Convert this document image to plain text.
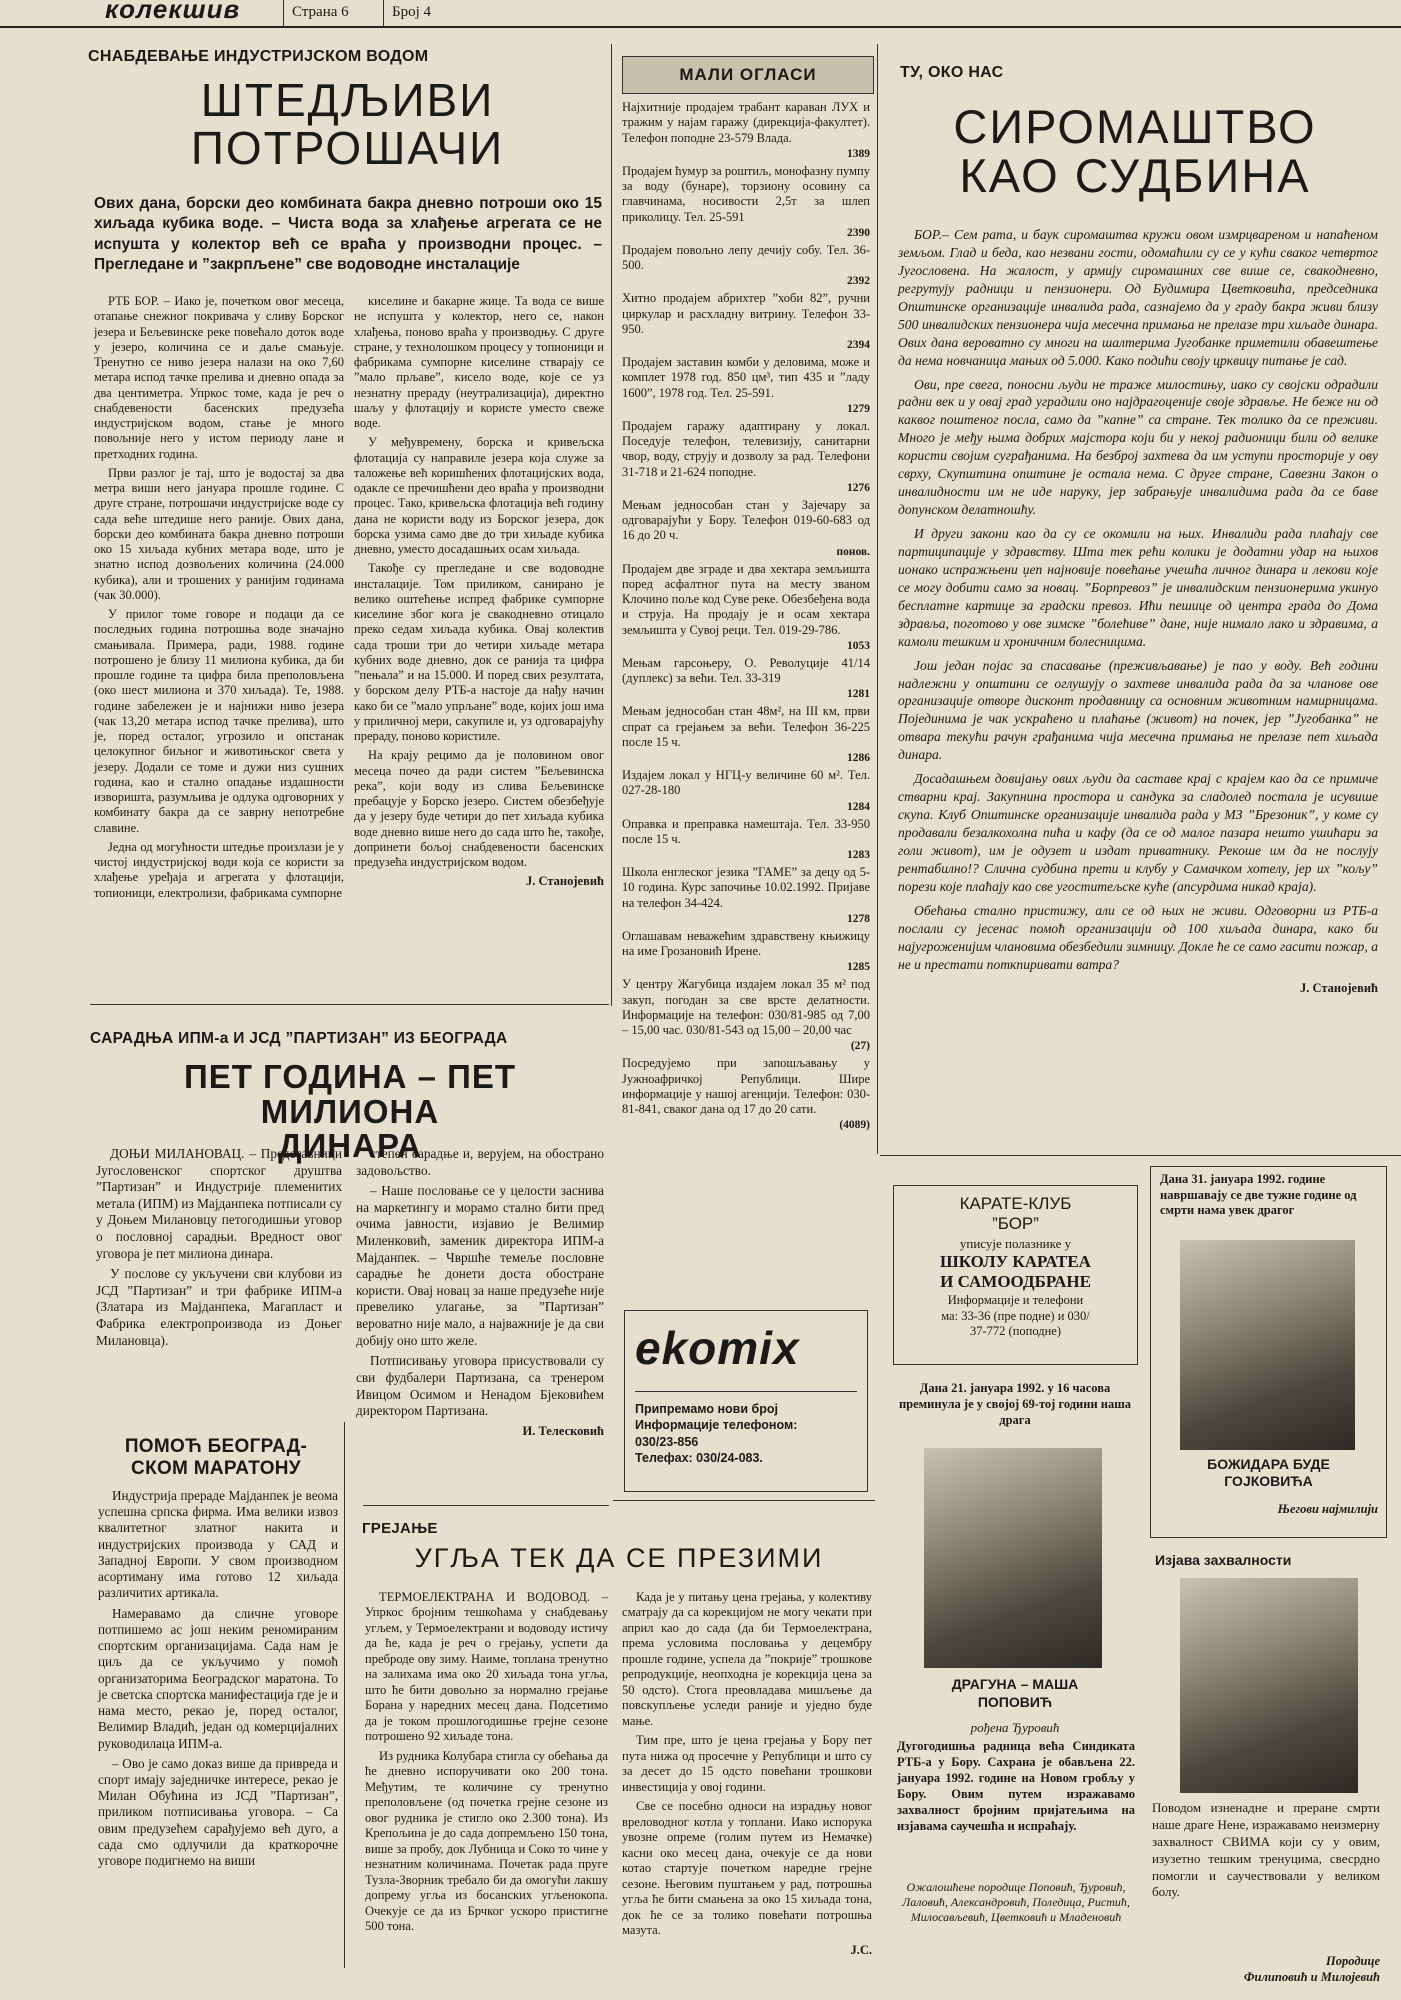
колекшив	Страна 6	Број 4
СНАБДЕВАЊЕ ИНДУСТРИЈСКОМ ВОДОМ
ШТЕДЉИВИ
ПОТРОШАЧИ
Ових дана, борски део комбината бакра дневно потроши око 15 хиљада кубика воде. – Чиста вода за хлађење агрегата се не испушта у колектор већ се враћа у производни процес. – Прегледане и ”закрпљене” све водоводне инсталације

РТБ БОР. – Иако је, почетком овог месеца, отапање снежног покривача у сливу Борског језера и Бељевинске реке повећало доток воде у језеро, количина се и даље смањује. Тренутно се ниво језера налази на око 7,60 метара испод тачке прелива и дневно опада за два центиметра. Упркос томе, када је реч о снабдевености басенских предузећа индустријском водом, стање је много повољније него у истом периоду лане и претходних година.

Први разлог је тај, што је водостај за два метра виши него јануара прошле године. С друге стране, потрошачи индустријске воде су сада веће штедише него раније. Ових дана, борски део комбината бакра дневно потроши око 15 хиљада кубних метара воде, што је знатно испод дозвољених количина (24.000 кубика), али и трошених у ранијим годинама (чак 30.000).

У прилог томе говоре и подаци да се последњих година потрошња воде значајно смањивала. Примера, ради, 1988. године потрошено је близу 11 милиона кубика, да би прошле године та цифра била преполовљена (око шест милиона и 370 хиљада). Те, 1988. године забележен је и најнижи ниво језера (чак 13,20 метара испод тачке прелива), што је, поред осталог, угрозило и опстанак целокупног биљног и животињског света у језеру. Додали се томе и дужи низ сушних година, као и стално опадање издашности изворишта, разумљива је одлука одговорних у комбинату бакра да се заврну непотребне славине.

Једна од могућности штедње произлази је у чистој индустријској води која се користи за хлађење уређаја и агрегата у флотацији, топионици, електролизи, фабрикама сумпорне

киселине и бакарне жице. Та вода се више не испушта у колектор, него се, након хлађења, поново враћа у производњу. С друге стране, у технолошком процесу у топионици и фабрикама сумпорне киселине стварају се ”мало прљаве”, кисело воде, које се уз незнатну прераду (неутрализација), директно шаљу у флотацију и користе уместо свеже воде.

У међувремену, борска и кривељска флотација су направиле језера која служе за таложење већ коришћених флотацијских вода, одакле се пречишћени део враћа у производни процес. Тако, кривељска флотација већ годину дана не користи воду из Борског језера, док борска узима само две до три хиљаде кубика дневно, уместо досадашњих осам хиљада.

Такође су прегледане и све водоводне инсталације. Том приликом, санирано је велико оштећење испред фабрике сумпорне киселине због кога је свакодневно отицало преко седам хиљада кубика. Овај колектив сада троши три до четири хиљаде метара кубних воде дневно, док се ранија та цифра ”пењала” и на 15.000. И поред свих резултата, у борском делу РТБ-а настоје да нађу начин како би се ”мало упрљане” воде, којих још има у приличној мери, сакупиле и, уз одговарајућу прераду, поново користиле.

На крају рецимо да је половином овог месеца почео да ради систем ”Бељевинска река”, који воду из слива Бељевинске пребацује у Борско језеро. Систем обезбеђује да у језеру буде четири до пет хиљада кубика воде дневно више него до сада што ће, такође, допринети бољој снабдевености басенских предузећа индустријском водом.

Ј. Станојевић
САРАДЊА ИПМ-а И ЈСД ”ПАРТИЗАН” ИЗ БЕОГРАДА
ПЕТ ГОДИНА – ПЕТ МИЛИОНА
ДИНАРА

ДОЊИ МИЛАНОВАЦ. – Представници Југословенског спортског друштва ”Партизан” и Индустрије племенитих метала (ИПМ) из Мајданпека потписали су у Доњем Милановцу петогодишњи уговор о пословној сарадњи. Вредност овог уговора је пет милиона динара.

У послове су укључени сви клубови из ЈСД ”Партизан” и три фабрике ИПМ-а (Златара из Мајданпека, Магапласт и Фабрика електропроизвода из Доњег Милановца).

степен сарадње и, верујем, на обострано задовољство.

– Наше пословање се у целости заснива на маркетингу и морамо стално бити пред очима јавности, изјавио је Велимир Миленковић, заменик директора ИПМ-а Мајданпек. – Чвршће темеље пословне сарадње ће донети доста обостране користи. Овај новац за наше предузеће није превелико улагање, за ”Партизан” вероватно није мало, а најважније је да сви добију оно што желе.

Потписивању уговора присуствовали су сви фудбалери Партизана, са тренером Ивицом Осимом и Ненадом Бјековићем директором Партизана.

И. Телесковић
ПОМОЋ БЕОГРАД-
СКОМ МАРАТОНУ

Индустрија прераде Мајданпек је веома успешна српска фирма. Има велики извоз квалитетног златног накита и индустријских производа у САД и Западној Европи. У свом производном асортиману има готово 12 хиљада различитих артикала.

Намеравамо да сличне уговоре потпишемо ас још неким реномираним спортским организацијама. Сада нам је циљ да се укључимо у помоћ организаторима Београдског маратона. То је светска спортска манифестација где је и нама место, рекао је, поред осталог, Велимир Владић, један од комерцијалних руководилаца ИПМ-а.

– Ово је само доказ више да привреда и спорт имају заједничке интересе, рекао је Милан Обућина из ЈСД ”Партизан”, приликом потписивања уговора. – Са овим предузећем сарађујемо већ дуго, а сада смо одлучили да краткорочне уговоре подигнемо на виши

МАЛИ ОГЛАСИ
Најхитније продајем трабант каравaн ЛУХ и тражим у најам гаражу (дирекција-факултет). Телефон поподне 23-579 Влада.
1389
Продајем ћумур за роштиљ, монофазну пумпу за воду (бунаре), торзиону осовину са главчинама, носивости 2,5т за шлеп приколицу. Тел. 25-591
2390
Продајем повољно лепу дечију собу. Тел. 36-500.
2392
Хитно продајем абрихтер ”хоби 82”, ручни циркулар и расхладну витрину. Телефон 33-950.
2394
Продајем заставин комби у деловима, може и комплет 1978 год. 850 цм³, тип 435 и ”ладу 1600”, 1978 год. Тел. 25-591.
1279
Продајем гаражу адаптирану у локал. Поседује телефон, телевизију, санитарни чвор, воду, струју и дозволу за рад. Телефони 31-718 и 21-624 поподне.
1276
Мењам једнособан стан у Зајечару за одговарајући у Бору. Телефон 019-60-683 од 16 до 20 ч.
понов.
Продајем две зграде и два хектара земљишта поред асфалтног пута на месту званом Клочино поље код Суве реке. Обезбеђена вода и струја. На продају је и осам хектара земљишта у Сувој реци. Тел. 019-29-786.
1053
Мењам гарсоњеру, О. Револуције 41/14 (дуплекс) за већи. Тел. 33-319
1281
Мењам једнособан стан 48м², на III км, први спрат са грејањем за већи. Телефон 36-225 после 15 ч.
1286
Издајем локал у НГЦ-у величине 60 м². Тел. 027-28-180
1284
Оправка и преправка намештаја. Тел. 33-950 после 15 ч.
1283
Школа енглеског језика ”ГАМЕ” за децу од 5-10 година. Курс започиње 10.02.1992. Пријаве на телефон 34-424.
1278
Оглашавам неважећим здравствену књижицу на име Грозановић Ирене.
1285
У центру Жагубица издајем локал 35 м² под закуп, погодан за све врсте делатности. Информације на телефон: 030/81-985 од 7,00 – 15,00 час. 030/81-543 од 15,00 – 20,00 час
(27)
Посредујемо при запошљавању у Јужноафричкој Републици. Шире информације у нашој агенцији. Телефон: 030-81-841, сваког дана од 17 до 20 сати.
(4089)
ekomix
Припремамо нови број
Информације телефоном:
030/23-856
Телефах: 030/24-083.
ТУ, ОКО НАС
СИРОМАШТВО
КАО СУДБИНА

БОР.– Сем рата, и баук сиромаштва кружи овом измрцвареном и напаћеном земљом. Глад и беда, као незвани гости, одомаћили су се у кући сваког четвртог Југословена. На жалост, у армију сиромашних све више се, свакодневно, регрутују радници и пензионери. Од Будимира Цветковића, председника Општинске организације инвалида рада, сазнајемо да у граду бакра живи близу 500 инвалидских пензионера чија месечна примања не прелазе три хиљаде динара. Ових дана вероватно су многи на шалтерима Југобанке приметили обавештење да нема новчаница мањих од 5.000. Како подићи своју црквицу питање је сад.

Ови, пре свега, поносни људи не траже милостињу, иако су својски одрадили радни век и у овај град уградили оно најдрагоценије своје здравље. Не беже ни од каквог поштеног посла, само да ”капне” са стране. Тек толико да се преживи. Много је међу њима добрих мајстора који би у некој радионици били од велике користи својим суграђанима. На безброј захтева да им уступи просторије у ову сврху, Скупштина општине је остала нема. С друге стране, Савезни Закон о инвалидности им не иде наруку, јер забрањује инвалидима рада да се баве допунском делатношћу.

И други закони као да су се окомили на њих. Инвалиди рада плаћају све партиципације у здравству. Шта тек рећи колики је додатни удар на њихов ионако испражњени џеп најновије повећање учешћа личног динара и лекови које се могу добити само за новац. ”Борпревоз” је инвалидским пензионерима укинуо бесплатне картице за градски превоз. Ићи пешице од центра града до Дома здравља, поготово у ове зимске ”болећиве” дане, није нимало лако и здравима, а камоли тешким и хроничним болесницима.

Још један појас за спасавање (преживљавање) је пао у воду. Већ години надлежни у општини се оглушују о захтеве инвалида рада да за чланове ове организације отворе дисконт продавницу са основним животним намирницама. Појединима је чак ускраћено и плаћање (живот) на почек, јер ”Југобанка” не отвара текући рачун грађанима чија месечна примања не прелазе пет хиљада динара.

Досадашњем довијању ових људи да саставе крај с крајем као да се примиче стварни крај. Закупнина простора и сандука за сладолед постала је исувише скупа. Клуб Општинске организације инвалида рада у МЗ ”Брезоник”, у коме су продавали безалкохолна пића и кафу (да се од малог пазара нешто ушићари за голи живот), им је одузет и издат приватнику. Рекоше им да не послују рентабилно!? Слична судбина прети и клубу у Самачком хотелу, јер их ”кољу” порези које плаћају као све угоститељске куће (апсурдима никад краја).

Обећања стално пристижу, али се од њих не живи. Одговорни из РТБ-а послали су јесенас помоћ организацији од 100 хиљада динара, како би најугроженијим члановима обезбедили зимницу. Докле ће се само гасити пожар, а не и престати поткпиривати ватра?

Ј. Станојевић
КАРАТЕ-КЛУБ
”БОР”
уписује полазнике у
ШКОЛУ КАРАТЕА
И САМООДБРАНЕ
Информације и телефони
ма: 33-36 (пре подне) и 030/
37-772 (поподне)
Дана 31. јануара 1992. године навршавају се две тужне године од смрти нама увек драгог
БОЖИДАРА БУДЕ
ГОЈКОВИЋА
Његови најмилији
Дана 21. јануара 1992. у 16 часова преминула је у својој 69-тој години наша драга
ДРАГУНА – МАША
ПОПОВИЋ
рођена Ђуровић
Дугогодишња радница већа Синдиката РТБ-а у Бору. Сахрана је обављена 22. јануара 1992. године на Новом гробљу у Бору. Овим путем изражавамо захвалност бројним пријатељима на изјавама саучешћа и испраћају.
Ожалошћене породице Поповић, Ђуровић, Лаловић, Александровић, Поледица, Ристић, Милосављевић, Цветковић и Младеновић
Изјава захвалности
Поводом изненадне и преране смрти наше драге Нене, изражавамо неизмерну захвалност СВИМА који су у овим, изузетно тешким тренуцима, свесрдно помогли и саучествовали у великом болу.
Породице
Филиповић и Милојевић
ГРЕЈАЊЕ
УГЉА ТЕК ДА СЕ ПРЕЗИМИ

ТЕРМОЕЛЕКТРАНА И ВОДОВОД. – Упркос бројним тешкоћама у снабдевању угљем, у Термоелектрани и водоводу истичу да ће, када је реч о грејању, успети да преброде ову зиму. Наиме, топлана тренутно на залихама има око 20 хиљада тона угља, што ће бити довољно за нормално грејање Борана у наредних месец дана. Подсетимо да је током прошлогодишње грејне сезоне потрошено 92 хиљаде тона.

Из рудника Колубара стигла су обећања да ће дневно испоручивати око 200 тона. Међутим, те количине су тренутно преполовљене (од почетка грејне сезоне из овог рудника је стигло око 2.300 тона). Из Крепољина је до сада допремљено 150 тона, више за пробу, док Лубница и Соко то чине у незнатним количинама. Почетак рада пруге Тузла-Зворник требало би да омогући лакшу допрему угља из босанских угљенокопа. Очекује се да из Брчког ускоро пристигне 500 тона.

Када је у питању цена грејања, у колективу сматрају да са корекцијом не могу чекати при април као до сада (да би Термоелектрана, према условима пословања у децембру прошле године, успела да ”покрије” трошкове репродукције, неопходна је корекција цена за 50 одсто). Стога преовладава мишљење да повскупљење уследи раније и уједно буде мање.

Тим пре, што је цена грејања у Бору пет пута нижа од просечне у Републици и што су за десет до 15 одсто повећани трошкови инвестиција у овој години.

Све се посебно односи на израдњу новог вреловодног котла у топлани. Иако испорука увозне опреме (голим путем из Немачке) касни око месец дана, очекује се да нови котао стартује почетком наредне грејне сезоне. Његовим пуштањем у рад, потрошња угља ће бити смањена за око 15 хиљада тона, док ће се за толико повећати потрошња мазута.

Ј.С.
